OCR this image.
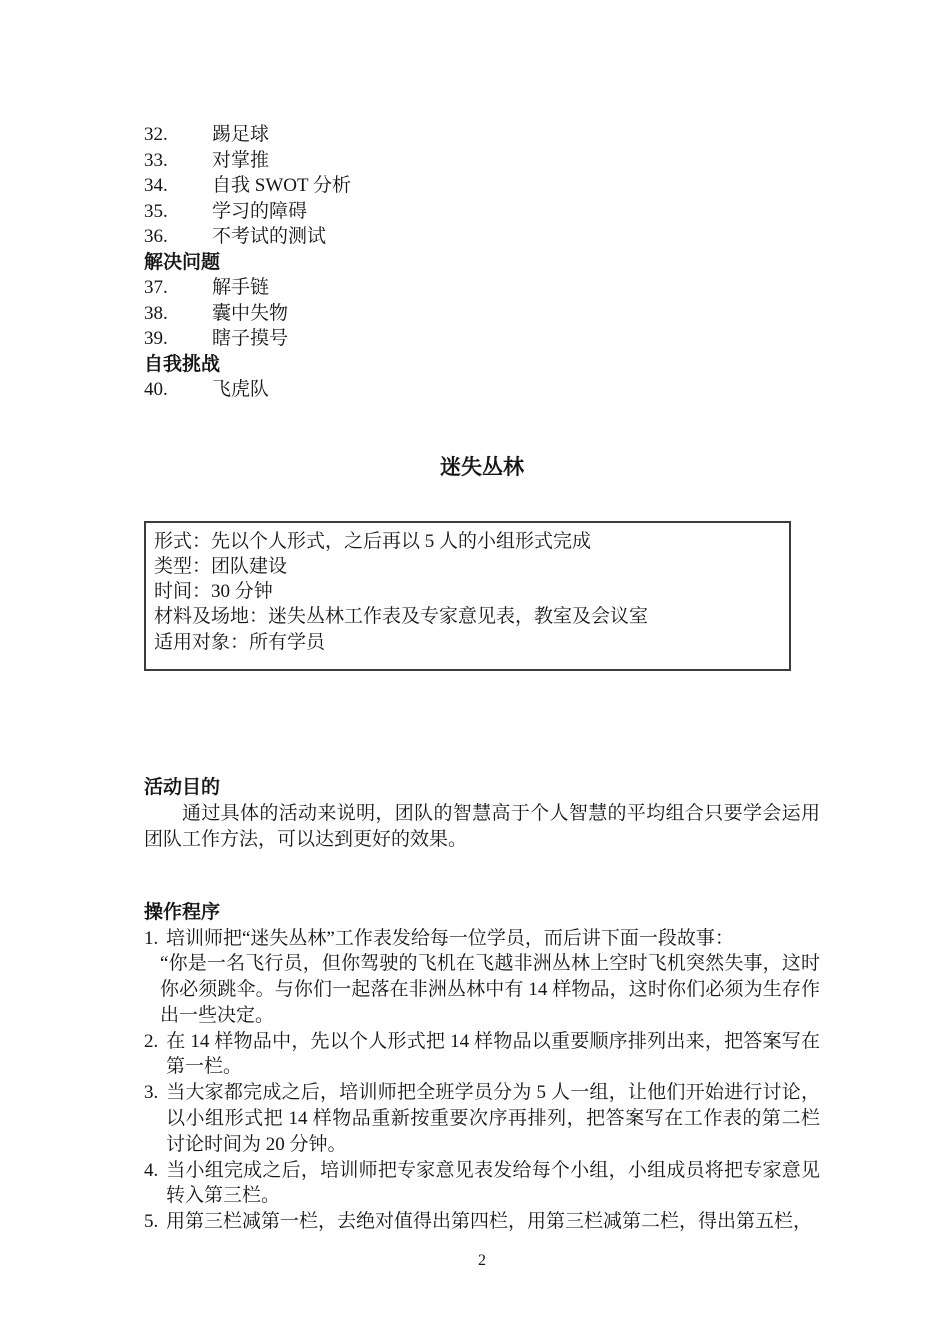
32. 踢足球
33. 对掌推
34. 自我 SWOT 分析
35. 学习的障碍
36. 不考试的测试
解决问题
37. 解手链
38. 囊中失物
39. 瞎子摸号
自我挑战
40. 飞虎队
迷失丛林
形式：先以个人形式，之后再以 5 人的小组形式完成
类型：团队建设
时间：30 分钟
材料及场地：迷失丛林工作表及专家意见表，教室及会议室
适用对象：所有学员
活动目的

通过具体的活动来说明，团队的智慧高于个人智慧的平均组合只要学会运用团队工作方法，可以达到更好的效果。

操作程序
1. 培训师把“迷失丛林”工作表发给每一位学员，而后讲下面一段故事：
“你是一名飞行员，但你驾驶的飞机在飞越非洲丛林上空时飞机突然失事，这时你必须跳伞。与你们一起落在非洲丛林中有 14 样物品，这时你们必须为生存作出一些决定。
2. 在 14 样物品中，先以个人形式把 14 样物品以重要顺序排列出来，把答案写在第一栏。
3. 当大家都完成之后，培训师把全班学员分为 5 人一组，让他们开始进行讨论，以小组形式把 14 样物品重新按重要次序再排列，把答案写在工作表的第二栏 讨论时间为 20 分钟。
4. 当小组完成之后，培训师把专家意见表发给每个小组，小组成员将把专家意见转入第三栏。
5. 用第三栏减第一栏，去绝对值得出第四栏，用第三栏减第二栏，得出第五栏，
2
